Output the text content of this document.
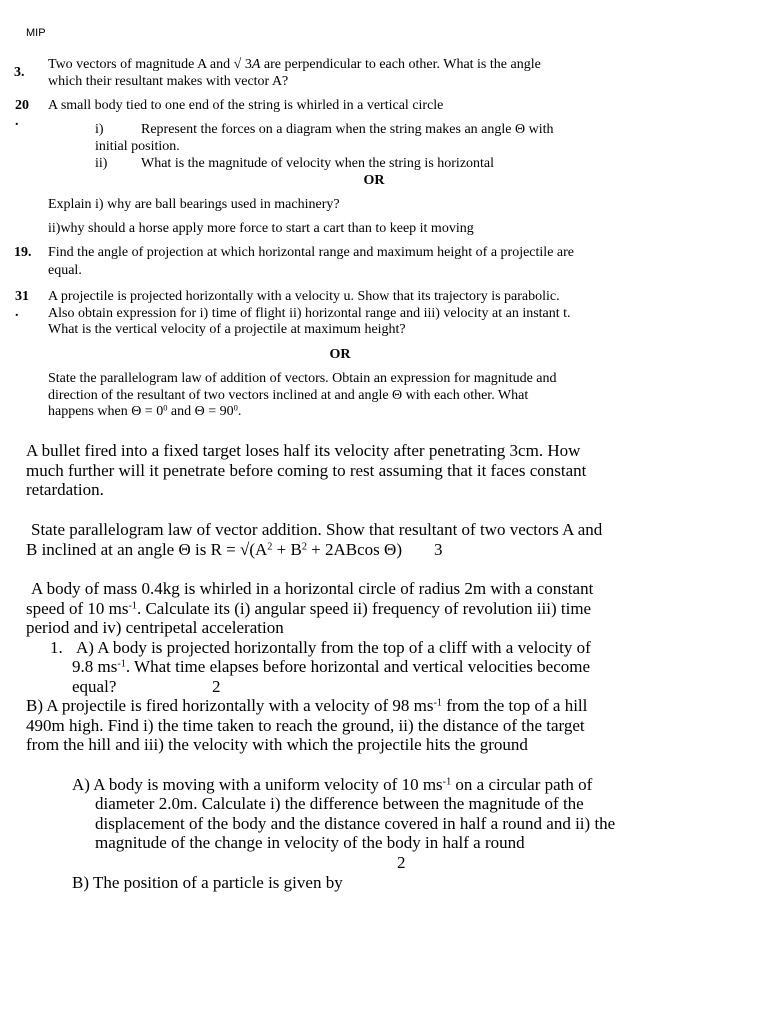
MIP
3.
Two vectors of magnitude A and √ 3A are perpendicular to each other. What is the angle
which their resultant makes with vector A?
20
.
A small body tied to one end of the string is whirled in a vertical circle
i)	Represent the forces on a diagram when the string makes an angle Θ with
initial position.
ii) What is the magnitude of velocity when the string is horizontal
OR
Explain i) why are ball bearings used in machinery?
ii)why should a horse apply more force to start a cart than to keep it moving
19. Find the angle of projection at which horizontal range and maximum height of a projectile are
equal.
31
.
A projectile is projected horizontally with a velocity u. Show that its trajectory is parabolic.
Also obtain expression for i) time of flight ii) horizontal range and iii) velocity at an instant t.
What is the vertical velocity of a projectile at maximum height?
OR
State the parallelogram law of addition of vectors. Obtain an expression for magnitude and
direction of the resultant of two vectors inclined at and angle Θ with each other. What
happens when $\Theta = 0^0$ and $\Theta = 90^0$.
A bullet fired into a fixed target loses half its velocity after penetrating 3cm. How
much further will it penetrate before coming to rest assuming that it faces constant
retardation.
State parallelogram law of vector addition. Show that resultant of two vectors A and
B inclined at an angle Θ is $R = √(A^2 + B^2 + 2ABcos$ Θ) 3
A body of mass 0.4kg is whirled in a horizontal circle of radius 2m with a constant
speed of 10 $ms^{-1}$. Calculate its (i) angular speed ii) frequency of revolution iii) time
period and iv) centripetal acceleration
1. A) A body is projected horizontally from the top of a cliff with a velocity of
9.8 $ms^{-1}$. What time elapses before horizontal and vertical velocities become
equal?	2
B) A projectile is fired horizontally with a velocity of 98 $ms^{-1}$ from the top of a hill
490m high. Find i) the time taken to reach the ground, ii) the distance of the target
from the hill and iii) the velocity with which the projectile hits the ground
A) A body is moving with a uniform velocity of 10 $ms^{-1}$ on a circular path of
diameter 2.0m. Calculate i) the difference between the magnitude of the
displacement of the body and the distance covered in half a round and ii) the
magnitude of the change in velocity of the body in half a round
2
B) The position of a particle is given by
